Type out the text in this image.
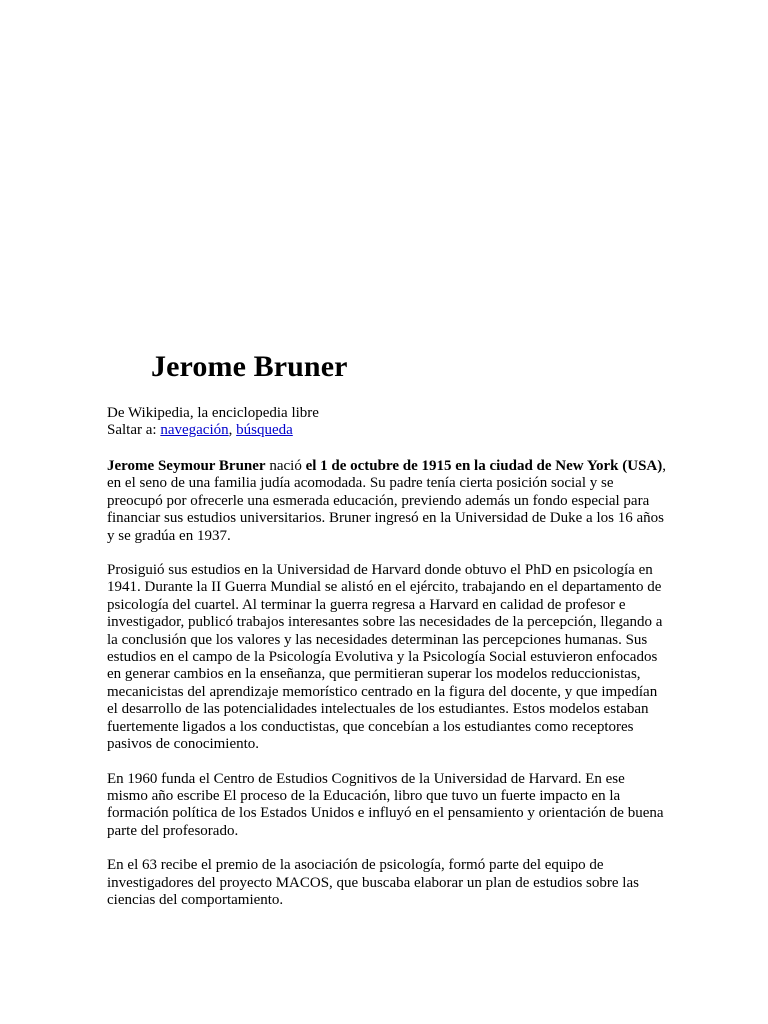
Jerome Bruner
De Wikipedia, la enciclopedia libre
Saltar a: navegación, búsqueda

Jerome Seymour Bruner nació el 1 de octubre de 1915 en la ciudad de New York (USA), en el seno de una familia judía acomodada. Su padre tenía cierta posición social y se preocupó por ofrecerle una esmerada educación, previendo además un fondo especial para financiar sus estudios universitarios. Bruner ingresó en la Universidad de Duke a los 16 años y se gradúa en 1937.

Prosiguió sus estudios en la Universidad de Harvard donde obtuvo el PhD en psicología en 1941. Durante la II Guerra Mundial se alistó en el ejército, trabajando en el departamento de psicología del cuartel. Al terminar la guerra regresa a Harvard en calidad de profesor e investigador, publicó trabajos interesantes sobre las necesidades de la percepción, llegando a la conclusión que los valores y las necesidades determinan las percepciones humanas. Sus estudios en el campo de la Psicología Evolutiva y la Psicología Social estuvieron enfocados en generar cambios en la enseñanza, que permitieran superar los modelos reduccionistas, mecanicistas del aprendizaje memorístico centrado en la figura del docente, y que impedían el desarrollo de las potencialidades intelectuales de los estudiantes. Estos modelos estaban fuertemente ligados a los conductistas, que concebían a los estudiantes como receptores pasivos de conocimiento.

En 1960 funda el Centro de Estudios Cognitivos de la Universidad de Harvard. En ese mismo año escribe El proceso de la Educación, libro que tuvo un fuerte impacto en la formación política de los Estados Unidos e influyó en el pensamiento y orientación de buena parte del profesorado.

En el 63 recibe el premio de la asociación de psicología, formó parte del equipo de investigadores del proyecto MACOS, que buscaba elaborar un plan de estudios sobre las ciencias del comportamiento.
